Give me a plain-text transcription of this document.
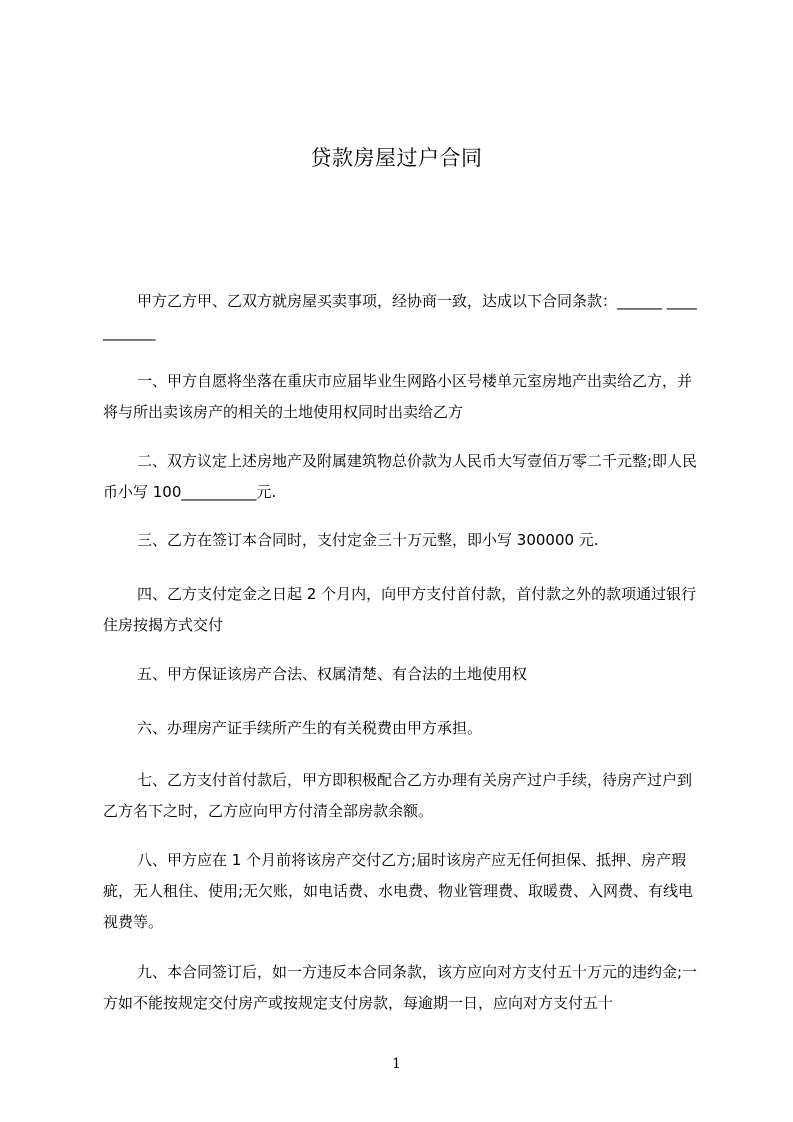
贷款房屋过户合同
甲方乙方甲、乙双方就房屋买卖事项，经协商一致，达成以下合同条款：______ ___________
一、甲方自愿将坐落在重庆市应届毕业生网路小区号楼单元室房地产出卖给乙方，并将与所出卖该房产的相关的土地使用权同时出卖给乙方
二、双方议定上述房地产及附属建筑物总价款为人民币大写壹佰万零二千元整;即人民币小写 100__________元.
三、乙方在签订本合同时，支付定金三十万元整，即小写 300000 元.
四、乙方支付定金之日起 2 个月内，向甲方支付首付款，首付款之外的款项通过银行住房按揭方式交付
五、甲方保证该房产合法、权属清楚、有合法的土地使用权
六、办理房产证手续所产生的有关税费由甲方承担。
七、乙方支付首付款后，甲方即积极配合乙方办理有关房产过户手续，待房产过户到乙方名下之时，乙方应向甲方付清全部房款余额。
八、甲方应在 1 个月前将该房产交付乙方;届时该房产应无任何担保、抵押、房产瑕疵，无人租住、使用;无欠账，如电话费、水电费、物业管理费、取暖费、入网费、有线电视费等。
九、本合同签订后，如一方违反本合同条款，该方应向对方支付五十万元的违约金;一方如不能按规定交付房产或按规定支付房款，每逾期一日，应向对方支付五十
1
